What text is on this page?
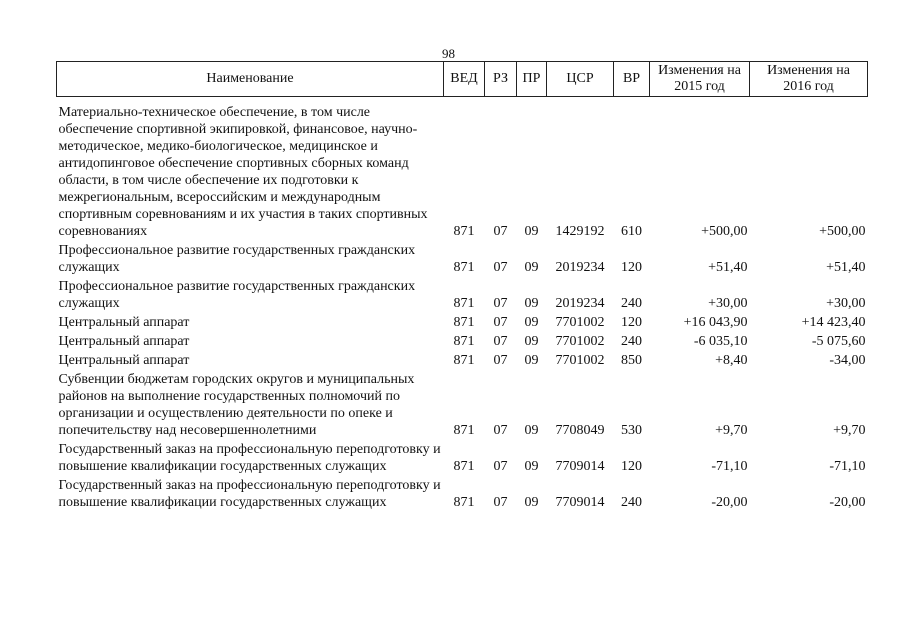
98
Наименование	ВЕД	РЗ	ПР	ЦСР	ВР	Изменения на 2015 год	Изменения на 2016 год

Материально-техническое обеспечение, в том числе обеспечение спортивной экипировкой, финансовое, научно-методическое, медико-биологическое, медицинское и антидопинговое обеспечение спортивных сборных команд области, в том числе обеспечение их подготовки к межрегиональным, всероссийским и международным спортивным соревнованиям и их участия в таких спортивных соревнованиях	871	07	09	1429192	610	+500,00	+500,00
Профессиональное развитие государственных гражданских служащих	871	07	09	2019234	120	+51,40	+51,40
Профессиональное развитие государственных гражданских служащих	871	07	09	2019234	240	+30,00	+30,00
Центральный аппарат	871	07	09	7701002	120	+16 043,90	+14 423,40
Центральный аппарат	871	07	09	7701002	240	-6 035,10	-5 075,60
Центральный аппарат	871	07	09	7701002	850	+8,40	-34,00
Субвенции бюджетам городских округов и муниципальных районов на выполнение государственных полномочий по организации и осуществлению деятельности по опеке и попечительству над несовершеннолетними	871	07	09	7708049	530	+9,70	+9,70
Государственный заказ на профессиональную переподготовку и повышение квалификации государственных служащих	871	07	09	7709014	120	-71,10	-71,10
Государственный заказ на профессиональную переподготовку и повышение квалификации государственных служащих	871	07	09	7709014	240	-20,00	-20,00
